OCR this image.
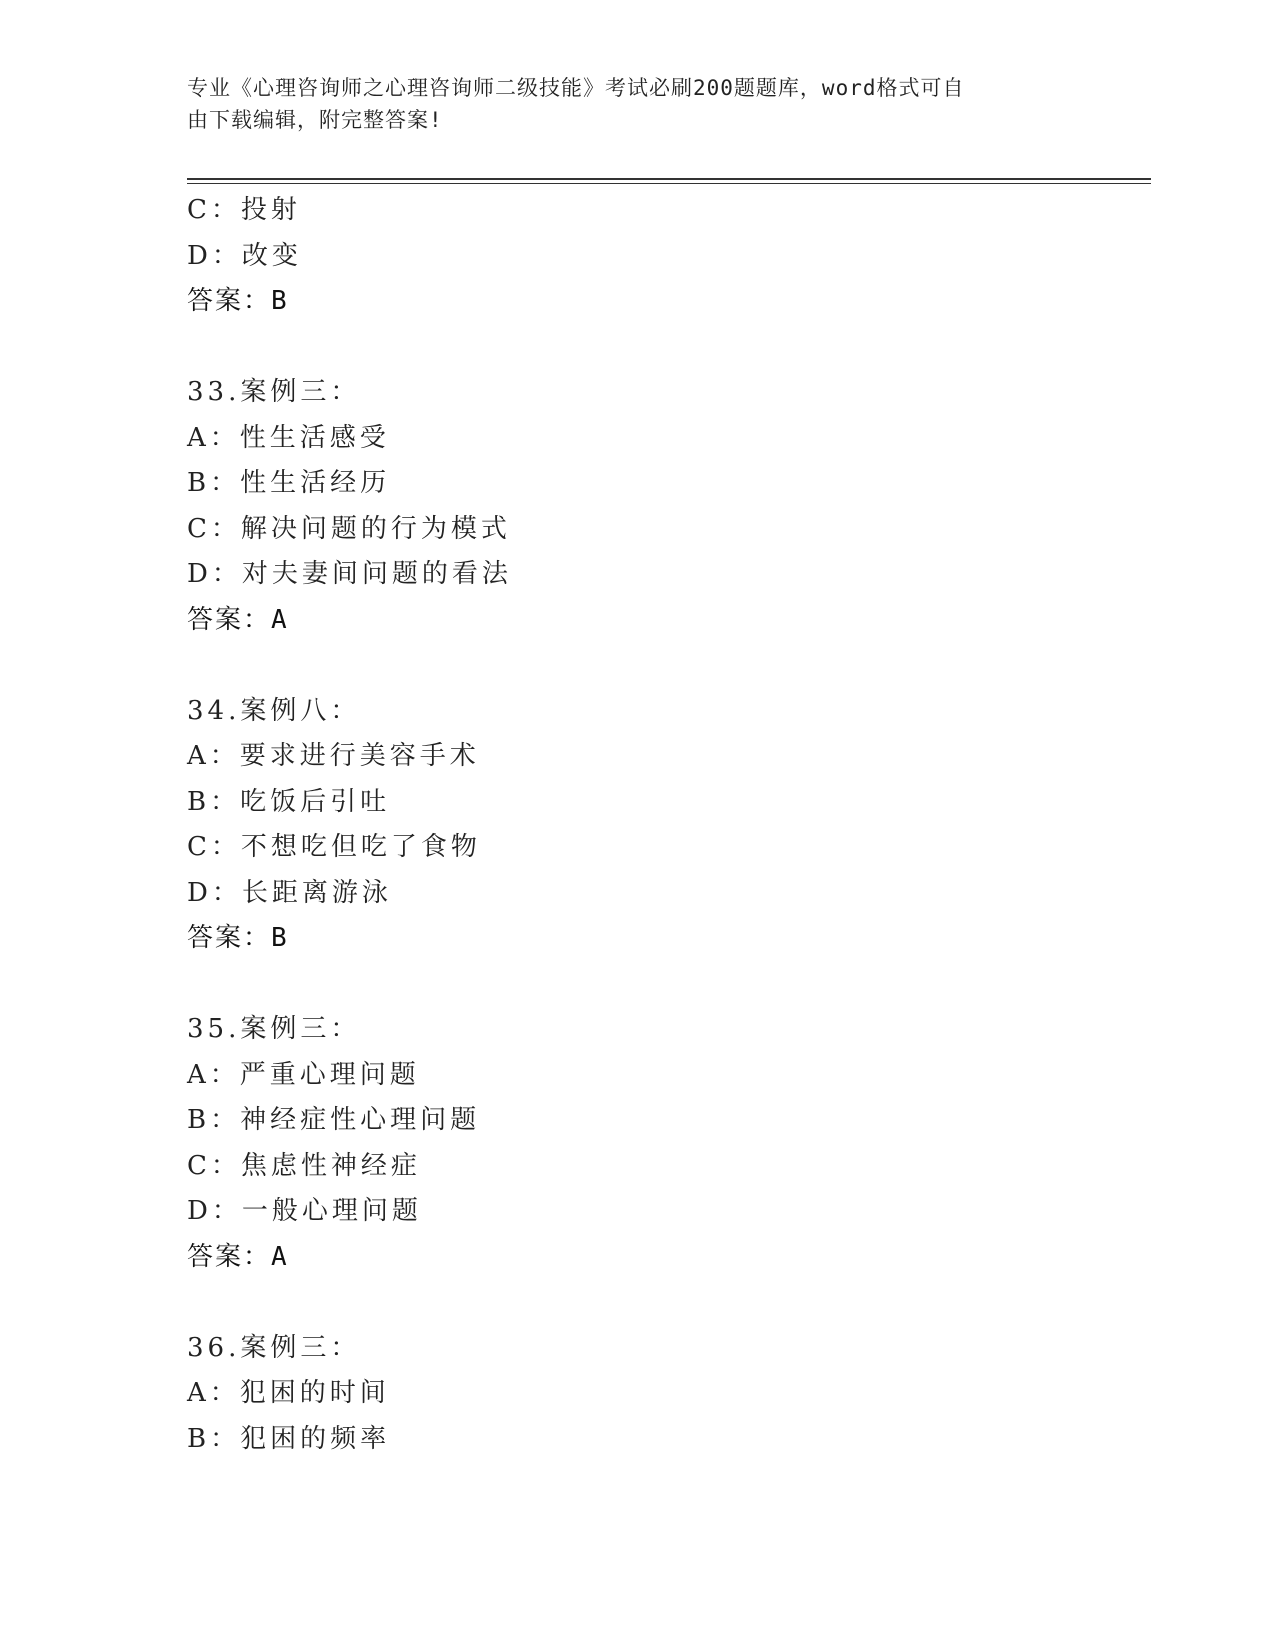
专业《心理咨询师之心理咨询师二级技能》考试必刷200题题库，word格式可自
由下载编辑，附完整答案!
C：投射
D：改变
答案：B
33.案例三：
A：性生活感受
B：性生活经历
C：解决问题的行为模式
D：对夫妻间问题的看法
答案：A
34.案例八：
A：要求进行美容手术
B：吃饭后引吐
C：不想吃但吃了食物
D：长距离游泳
答案：B
35.案例三：
A：严重心理问题
B：神经症性心理问题
C：焦虑性神经症
D：一般心理问题
答案：A
36.案例三：
A：犯困的时间
B：犯困的频率
